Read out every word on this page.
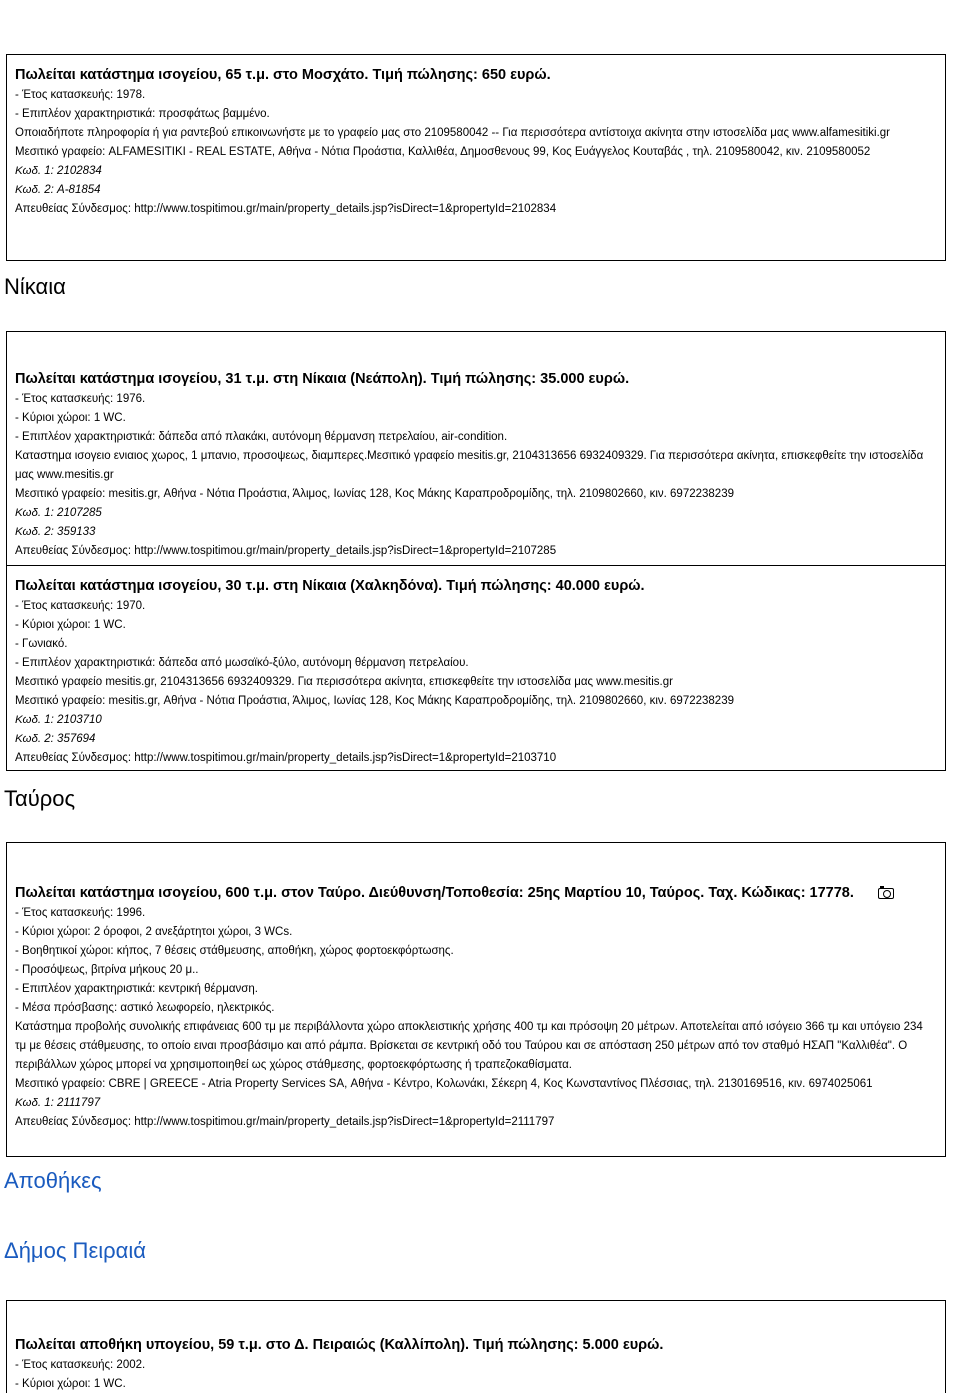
Πωλείται κατάστημα ισογείου, 65 τ.μ. στο Μοσχάτο. Τιμή πώλησης: 650 ευρώ.
- Έτος κατασκευής: 1978.
- Επιπλέον χαρακτηριστικά: προσφάτως βαμμένο.
Οποιαδήποτε πληροφορία ή για ραντεβού επικοινωνήστε με το γραφείο μας στο 2109580042 -- Για περισσότερα αντίστοιχα ακίνητα στην ιστοσελίδα μας www.alfamesitiki.gr
Μεσιτικό γραφείο: ALFAMESITIKI - REAL ESTATE, Αθήνα - Νότια Προάστια, Καλλιθέα, Δημοσθενους 99, Κος Ευάγγελος Κουταβάς , τηλ. 2109580042, κιν. 2109580052
Κωδ. 1: 2102834
Κωδ. 2: A-81854
Απευθείας Σύνδεσμος: http://www.tospitimou.gr/main/property_details.jsp?isDirect=1&propertyId=2102834
Νίκαια
Πωλείται κατάστημα ισογείου, 31 τ.μ. στη Νίκαια (Νεάπολη). Τιμή πώλησης: 35.000 ευρώ.
- Έτος κατασκευής: 1976.
- Κύριοι χώροι: 1 WC.
- Επιπλέον χαρακτηριστικά: δάπεδα από πλακάκι, αυτόνομη θέρμανση πετρελαίου, air-condition.
Καταστημα ισογειο ενιαιος χωρος, 1 μπανιο, προσοψεως, διαμπερες.Μεσιτικό γραφείο mesitis.gr, 2104313656 6932409329. Για περισσότερα ακίνητα, επισκεφθείτε την ιστοσελίδα μας www.mesitis.gr
Μεσιτικό γραφείο: mesitis.gr, Αθήνα - Νότια Προάστια, Άλιμος, Ιωνίας 128, Κος Μάκης Καραπροδρομίδης, τηλ. 2109802660, κιν. 6972238239
Κωδ. 1: 2107285
Κωδ. 2: 359133
Απευθείας Σύνδεσμος: http://www.tospitimou.gr/main/property_details.jsp?isDirect=1&propertyId=2107285
Πωλείται κατάστημα ισογείου, 30 τ.μ. στη Νίκαια (Χαλκηδόνα). Τιμή πώλησης: 40.000 ευρώ.
- Έτος κατασκευής: 1970.
- Κύριοι χώροι: 1 WC.
- Γωνιακό.
- Επιπλέον χαρακτηριστικά: δάπεδα από μωσαϊκό-ξύλο, αυτόνομη θέρμανση πετρελαίου.
Μεσιτικό γραφείο mesitis.gr, 2104313656 6932409329. Για περισσότερα ακίνητα, επισκεφθείτε την ιστοσελίδα μας www.mesitis.gr
Μεσιτικό γραφείο: mesitis.gr, Αθήνα - Νότια Προάστια, Άλιμος, Ιωνίας 128, Κος Μάκης Καραπροδρομίδης, τηλ. 2109802660, κιν. 6972238239
Κωδ. 1: 2103710
Κωδ. 2: 357694
Απευθείας Σύνδεσμος: http://www.tospitimou.gr/main/property_details.jsp?isDirect=1&propertyId=2103710
Ταύρος
Πωλείται κατάστημα ισογείου, 600 τ.μ. στον Ταύρο. Διεύθυνση/Τοποθεσία: 25ης Μαρτίου 10, Ταύρος. Ταχ. Κώδικας: 17778.
- Έτος κατασκευής: 1996.
- Κύριοι χώροι: 2 όροφοι, 2 ανεξάρτητοι χώροι, 3 WCs.
- Βοηθητικοί χώροι: κήπος, 7 θέσεις στάθμευσης, αποθήκη, χώρος φορτοεκφόρτωσης.
- Προσόψεως, βιτρίνα μήκους 20 μ..
- Επιπλέον χαρακτηριστικά: κεντρική θέρμανση.
- Μέσα πρόσβασης: αστικό λεωφορείο, ηλεκτρικός.
Κατάστημα προβολής συνολικής επιφάνειας 600 τμ με περιβάλλοντα χώρο αποκλειστικής χρήσης 400 τμ και πρόσοψη 20 μέτρων. Αποτελείται από ισόγειο 366 τμ και υπόγειο 234 τμ με θέσεις στάθμευσης, το οποίο ειναι προσβάσιμο και από ράμπα. Βρίσκεται σε κεντρική οδό του Ταύρου και σε απόσταση 250 μέτρων από τον σταθμό ΗΣΑΠ "Καλλιθέα". Ο περιβάλλων χώρος μπορεί να χρησιμοποιηθεί ως χώρος στάθμεσης, φορτοεκφόρτωσης ή τραπεζοκαθίσματα.
Μεσιτικό γραφείο: CBRE | GREECE - Atria Property Services SA, Αθήνα - Κέντρο, Κολωνάκι, Σέκερη 4, Κος Κωνσταντίνος Πλέσσιας, τηλ. 2130169516, κιν. 6974025061
Κωδ. 1: 2111797
Απευθείας Σύνδεσμος: http://www.tospitimou.gr/main/property_details.jsp?isDirect=1&propertyId=2111797
Αποθήκες
Δήμος Πειραιά
Πωλείται αποθήκη υπογείου, 59 τ.μ. στο Δ. Πειραιώς (Καλλίπολη). Τιμή πώλησης: 5.000 ευρώ.
- Έτος κατασκευής: 2002.
- Κύριοι χώροι: 1 WC.
